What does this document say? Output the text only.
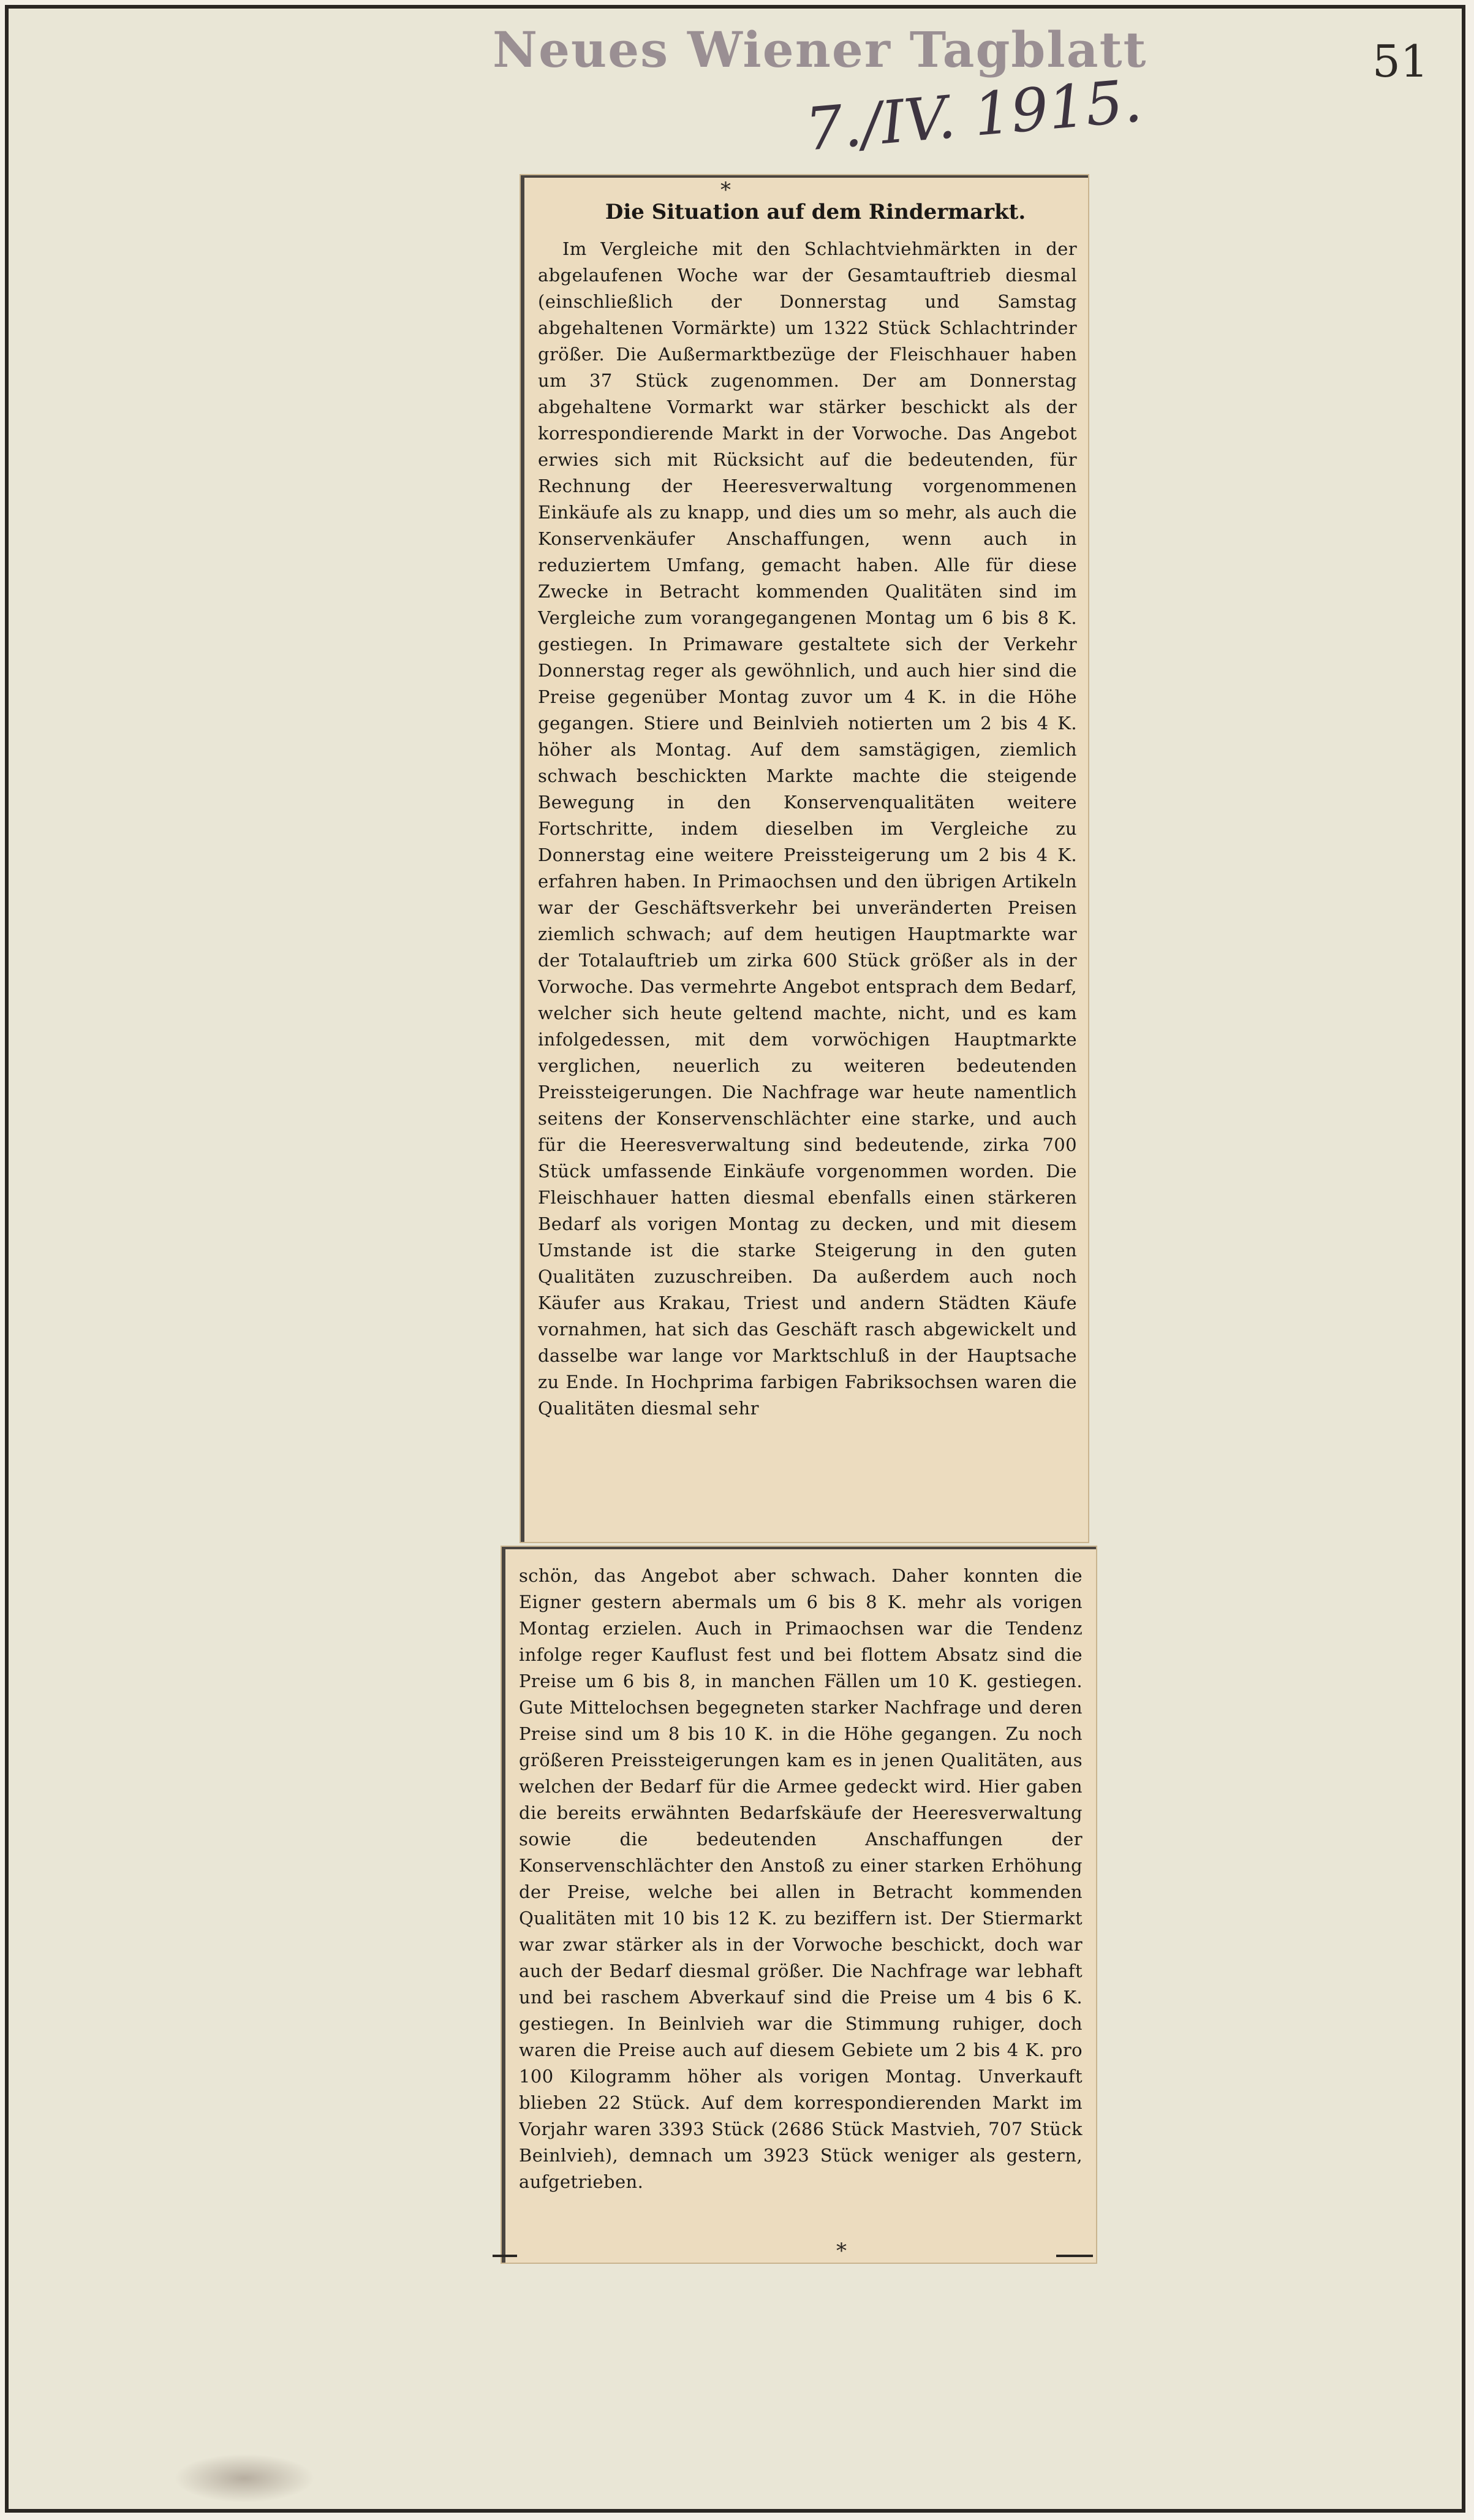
Neues Wiener Tagblatt	51
7./IV. 1915.
*
Die Situation auf dem Rindermarkt.

Im Vergleiche mit den Schlachtviehmärkten in der abgelaufenen Woche war der Gesamtauftrieb diesmal (einschließlich der Donnerstag und Samstag abgehaltenen Vormärkte) um 1322 Stück Schlachtrinder größer. Die Außermarktbezüge der Fleischhauer haben um 37 Stück zugenommen. Der am Donnerstag abgehaltene Vormarkt war stärker beschickt als der korrespondierende Markt in der Vorwoche. Das Angebot erwies sich mit Rücksicht auf die bedeutenden, für Rechnung der Heeresverwaltung vorgenommenen Einkäufe als zu knapp, und dies um so mehr, als auch die Konservenkäufer Anschaffungen, wenn auch in reduziertem Umfang, gemacht haben. Alle für diese Zwecke in Betracht kommenden Qualitäten sind im Vergleiche zum vorangegangenen Montag um 6 bis 8 K. gestiegen. In Primaware gestaltete sich der Verkehr Donnerstag reger als gewöhnlich, und auch hier sind die Preise gegenüber Montag zuvor um 4 K. in die Höhe gegangen. Stiere und Beinlvieh notierten um 2 bis 4 K. höher als Montag. Auf dem samstägigen, ziemlich schwach beschickten Markte machte die steigende Bewegung in den Konservenqualitäten weitere Fortschritte, indem dieselben im Vergleiche zu Donnerstag eine weitere Preissteigerung um 2 bis 4 K. erfahren haben. In Primaochsen und den übrigen Artikeln war der Geschäftsverkehr bei unveränderten Preisen ziemlich schwach; auf dem heutigen Hauptmarkte war der Totalauftrieb um zirka 600 Stück größer als in der Vorwoche. Das vermehrte Angebot entsprach dem Bedarf, welcher sich heute geltend machte, nicht, und es kam infolgedessen, mit dem vorwöchigen Hauptmarkte verglichen, neuerlich zu weiteren bedeutenden Preissteigerungen. Die Nachfrage war heute namentlich seitens der Konservenschlächter eine starke, und auch für die Heeresverwaltung sind bedeutende, zirka 700 Stück umfassende Einkäufe vorgenommen worden. Die Fleischhauer hatten diesmal ebenfalls einen stärkeren Bedarf als vorigen Montag zu decken, und mit diesem Umstande ist die starke Steigerung in den guten Qualitäten zuzuschreiben. Da außerdem auch noch Käufer aus Krakau, Triest und andern Städten Käufe vornahmen, hat sich das Geschäft rasch abgewickelt und dasselbe war lange vor Marktschluß in der Hauptsache zu Ende. In Hochprima farbigen Fabriksochsen waren die Qualitäten diesmal sehr

schön, das Angebot aber schwach. Daher konnten die Eigner gestern abermals um 6 bis 8 K. mehr als vorigen Montag erzielen. Auch in Primaochsen war die Tendenz infolge reger Kauflust fest und bei flottem Absatz sind die Preise um 6 bis 8, in manchen Fällen um 10 K. gestiegen. Gute Mittelochsen begegneten starker Nachfrage und deren Preise sind um 8 bis 10 K. in die Höhe gegangen. Zu noch größeren Preissteigerungen kam es in jenen Qualitäten, aus welchen der Bedarf für die Armee gedeckt wird. Hier gaben die bereits erwähnten Bedarfskäufe der Heeresverwaltung sowie die bedeutenden Anschaffungen der Konservenschlächter den Anstoß zu einer starken Erhöhung der Preise, welche bei allen in Betracht kommenden Qualitäten mit 10 bis 12 K. zu beziffern ist. Der Stiermarkt war zwar stärker als in der Vorwoche beschickt, doch war auch der Bedarf diesmal größer. Die Nachfrage war lebhaft und bei raschem Abverkauf sind die Preise um 4 bis 6 K. gestiegen. In Beinlvieh war die Stimmung ruhiger, doch waren die Preise auch auf diesem Gebiete um 2 bis 4 K. pro 100 Kilogramm höher als vorigen Montag. Unverkauft blieben 22 Stück. Auf dem korrespondierenden Markt im Vorjahr waren 3393 Stück (2686 Stück Mastvieh, 707 Stück Beinlvieh), demnach um 3923 Stück weniger als gestern, aufgetrieben.

*
